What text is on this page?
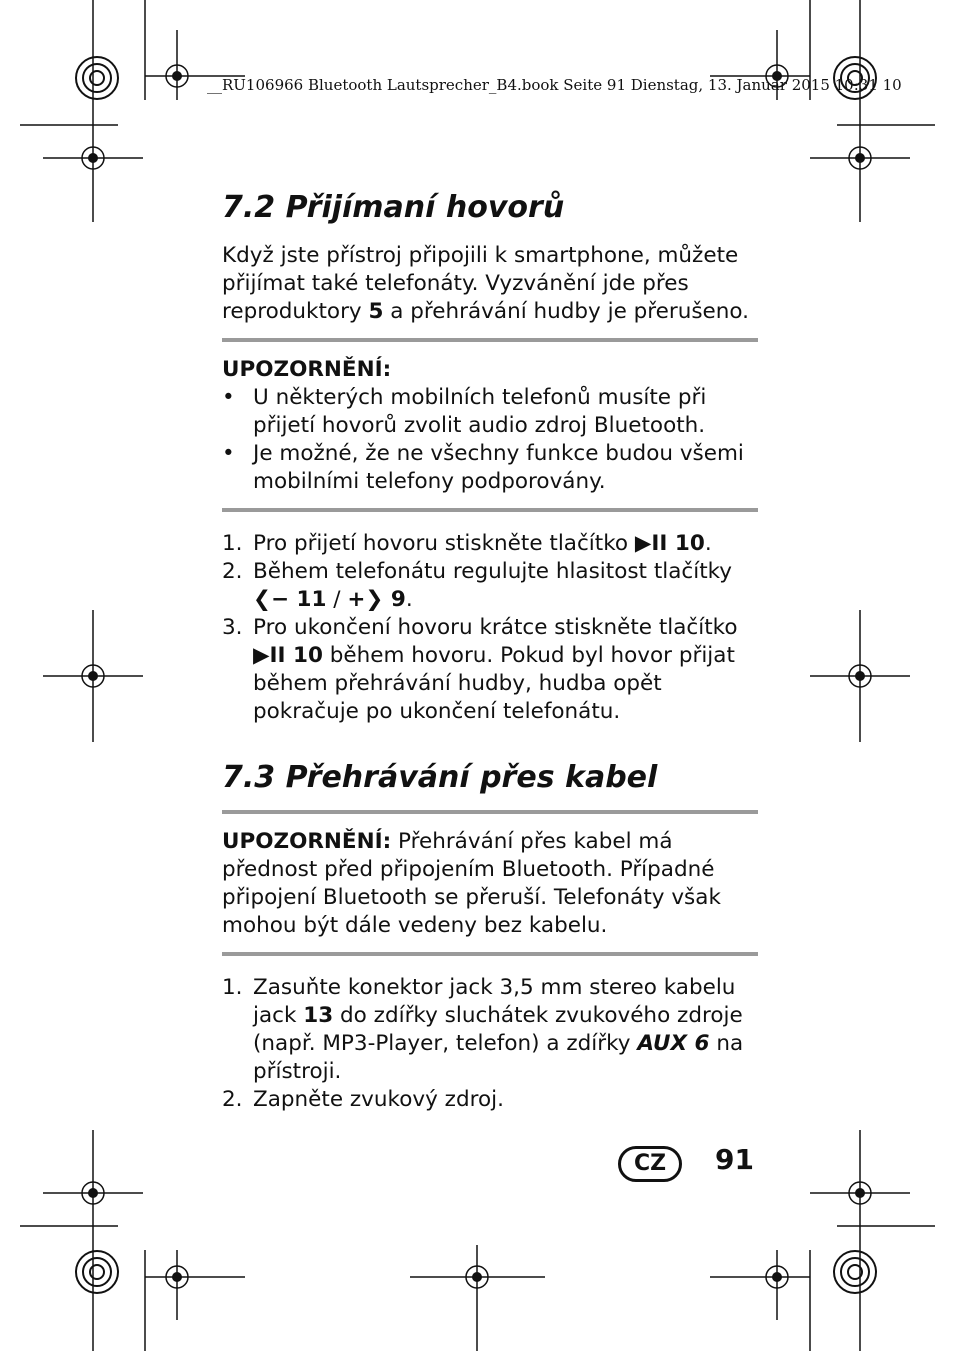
__RU106966 Bluetooth Lautsprecher_B4.book Seite 91 Dienstag, 13. Januar 2015 10:31 10
7.2 Přijímaní hovorů

Když jste přístroj připojili k smartphone, můžete přijímat také telefonáty. Vyzvánění jde přes reproduktory 5 a přehrávání hudby je přerušeno.

UPOZORNĚNÍ:

• U některých mobilních telefonů musíte při přijetí hovorů zvolit audio zdroj Bluetooth.
• Je možné, že ne všechny funkce budou všemi mobilními telefony podporovány.
1. Pro přijetí hovoru stiskněte tlačítko ▶II 10.
2. Během telefonátu regulujte hlasitost tlačítky ❮− 11 / +❯ 9.
3. Pro ukončení hovoru krátce stiskněte tlačítko ▶II 10 během hovoru. Pokud byl hovor přijat během přehrávání hudby, hudba opět pokračuje po ukončení telefonátu.
7.3 Přehrávání přes kabel

UPOZORNĚNÍ: Přehrávání přes kabel má přednost před připojením Bluetooth. Případné připojení Bluetooth se přeruší. Telefonáty však mohou být dále vedeny bez kabelu.

1. Zasuňte konektor jack 3,5 mm stereo kabelu jack 13 do zdířky sluchátek zvukového zdroje (např. MP3-Player, telefon) a zdířky AUX 6 na přístroji.
2. Zapněte zvukový zdroj.
CZ	91
